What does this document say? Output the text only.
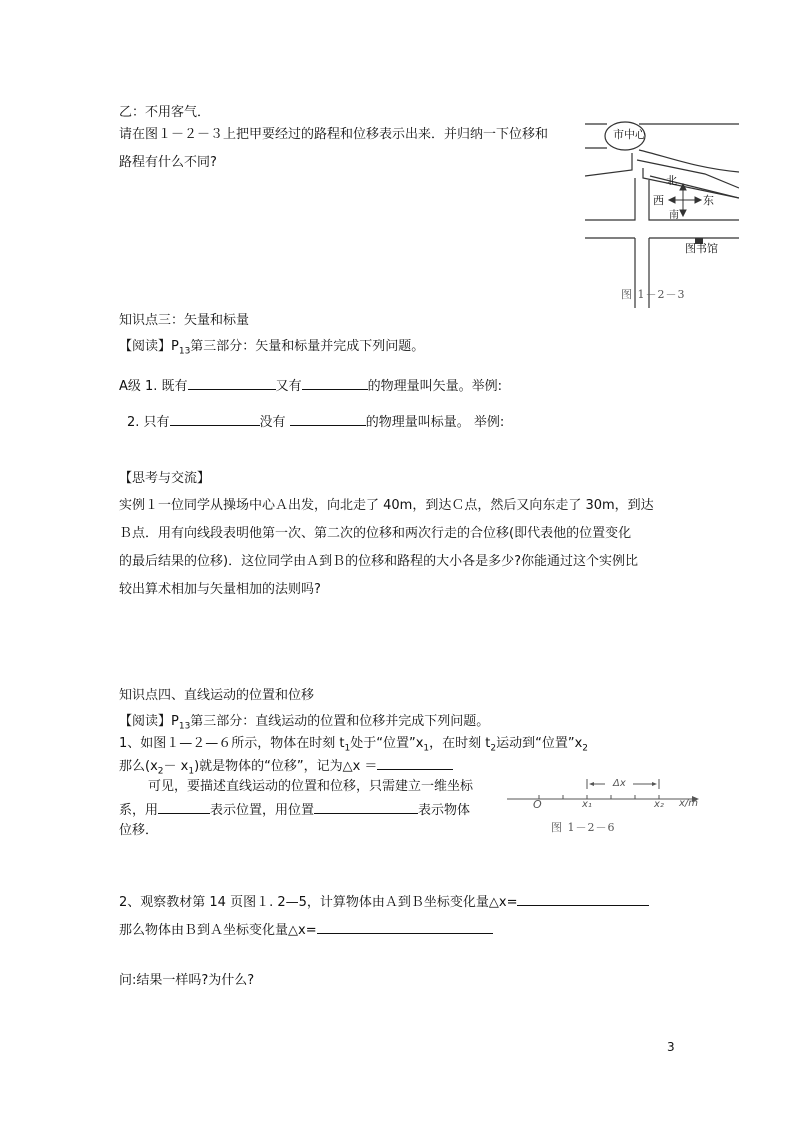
乙：不用客气．
请在图１－２－３上把甲要经过的路程和位移表示出来．并归纳一下位移和
路程有什么不同?
市中心
北
西	东
南
图书馆
图 1－2－3
知识点三：矢量和标量
【阅读】$P_{13}$第三部分：矢量和标量并完成下列问题。
A级 1. 既有	又有	的物理量叫矢量。举例:
2. 只有	没有	的物理量叫标量。 举例:
【思考与交流】
实例１一位同学从操场中心Ａ出发，向北走了 40m，到达Ｃ点，然后又向东走了 30m，到达
Ｂ点．用有向线段表明他第一次、第二次的位移和两次行走的合位移(即代表他的位置变化
的最后结果的位移)．这位同学由Ａ到Ｂ的位移和路程的大小各是多少?你能通过这个实例比
较出算术相加与矢量相加的法则吗?
知识点四、直线运动的位置和位移
【阅读】$P_{13}$第三部分：直线运动的位置和位移并完成下列问题。
1、如图１—２—６所示，物体在时刻 $t_1$处于“位置$”x_1$，在时刻 $t_2$运动到“位置$”x_2$
那么$(x_2- x_1)$就是物体的“位移”，记为△x ＝
可见，要描述直线运动的位置和位移，只需建立一维坐标
系，用	表示位置，用位置	表示物体
位移．
O	x₁	x₂ x/m
Δx
图 1－2－6
2、观察教材第 14 页图１. 2—5，计算物体由Ａ到Ｂ坐标变化量△x=
那么物体由Ｂ到Ａ坐标变化量△x=
问:结果一样吗?为什么?
3
